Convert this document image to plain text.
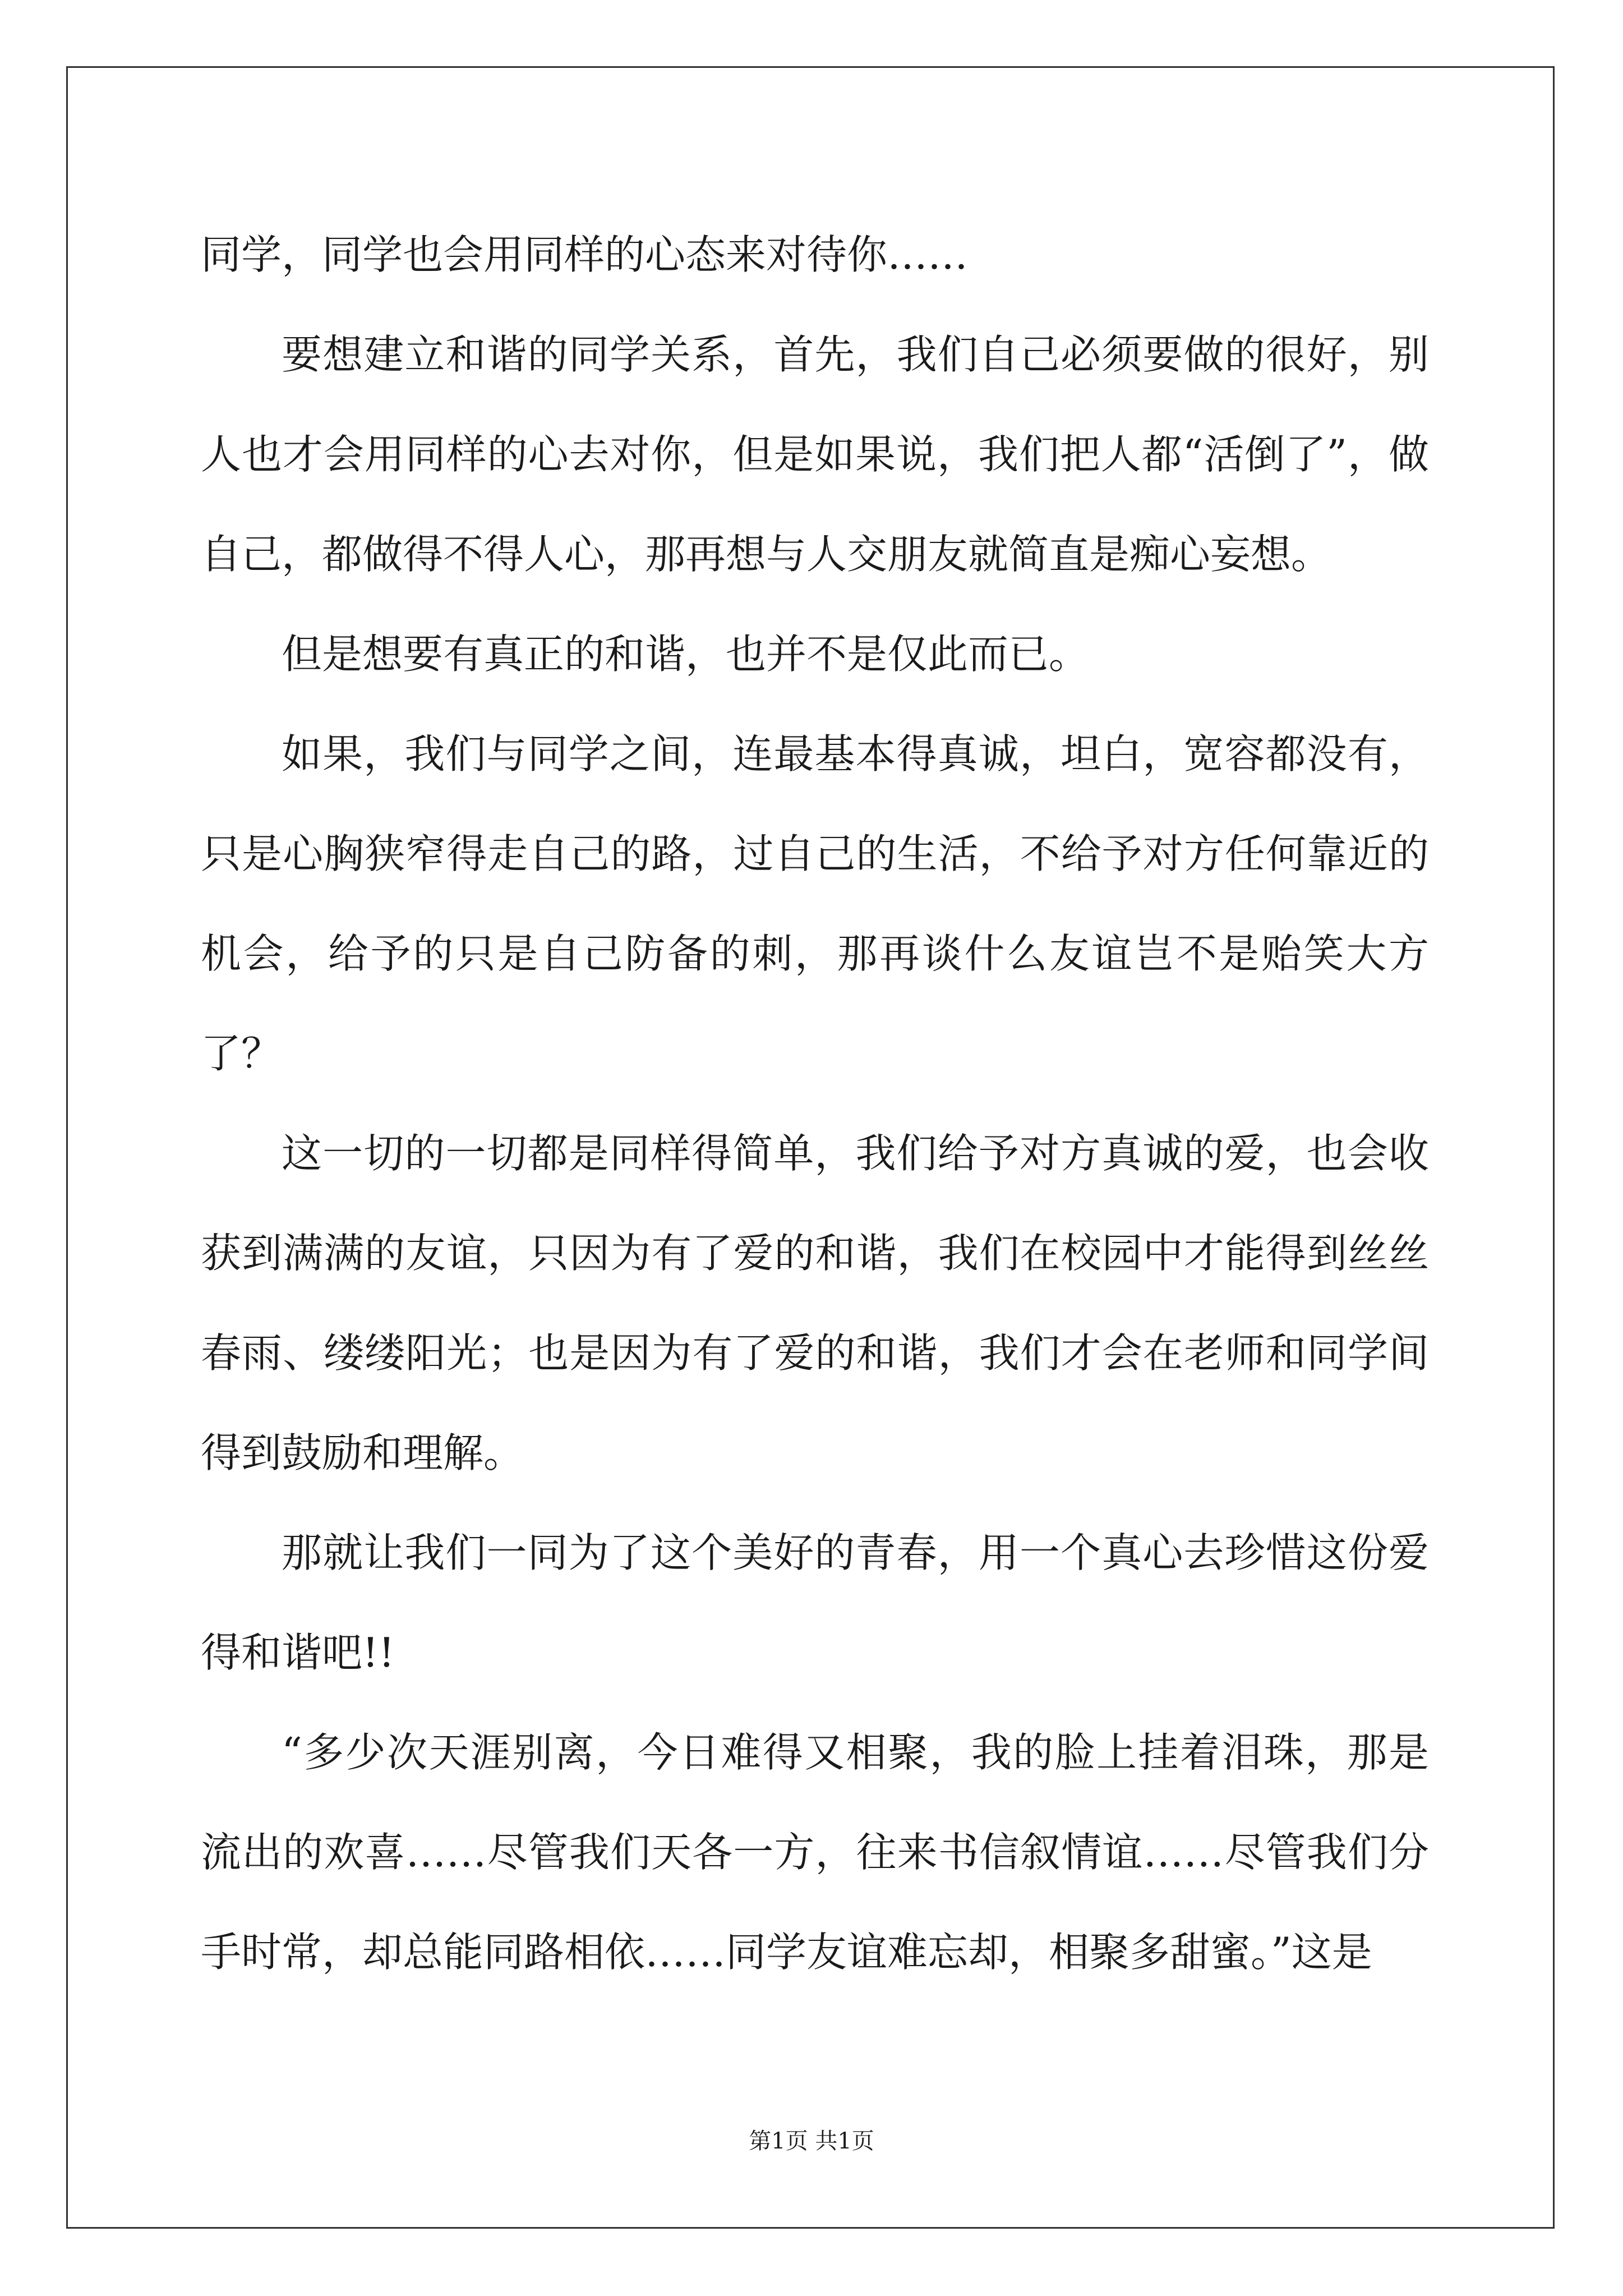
同学，同学也会用同样的心态来对待你……

要想建立和谐的同学关系，首先，我们自己必须要做的很好，别人也才会用同样的心去对你，但是如果说，我们把人都“活倒了”，做自己，都做得不得人心，那再想与人交朋友就简直是痴心妄想。

但是想要有真正的和谐，也并不是仅此而已。

如果，我们与同学之间，连最基本得真诚，坦白，宽容都没有，只是心胸狭窄得走自己的路，过自己的生活，不给予对方任何靠近的机会，给予的只是自己防备的刺，那再谈什么友谊岂不是贻笑大方了？

这一切的一切都是同样得简单，我们给予对方真诚的爱，也会收获到满满的友谊，只因为有了爱的和谐，我们在校园中才能得到丝丝春雨、缕缕阳光；也是因为有了爱的和谐，我们才会在老师和同学间得到鼓励和理解。

那就让我们一同为了这个美好的青春，用一个真心去珍惜这份爱得和谐吧!!

“多少次天涯别离，今日难得又相聚，我的脸上挂着泪珠，那是流出的欢喜……尽管我们天各一方，往来书信叙情谊……尽管我们分手时常，却总能同路相依……同学友谊难忘却，相聚多甜蜜。”这是

第1页 共1页
